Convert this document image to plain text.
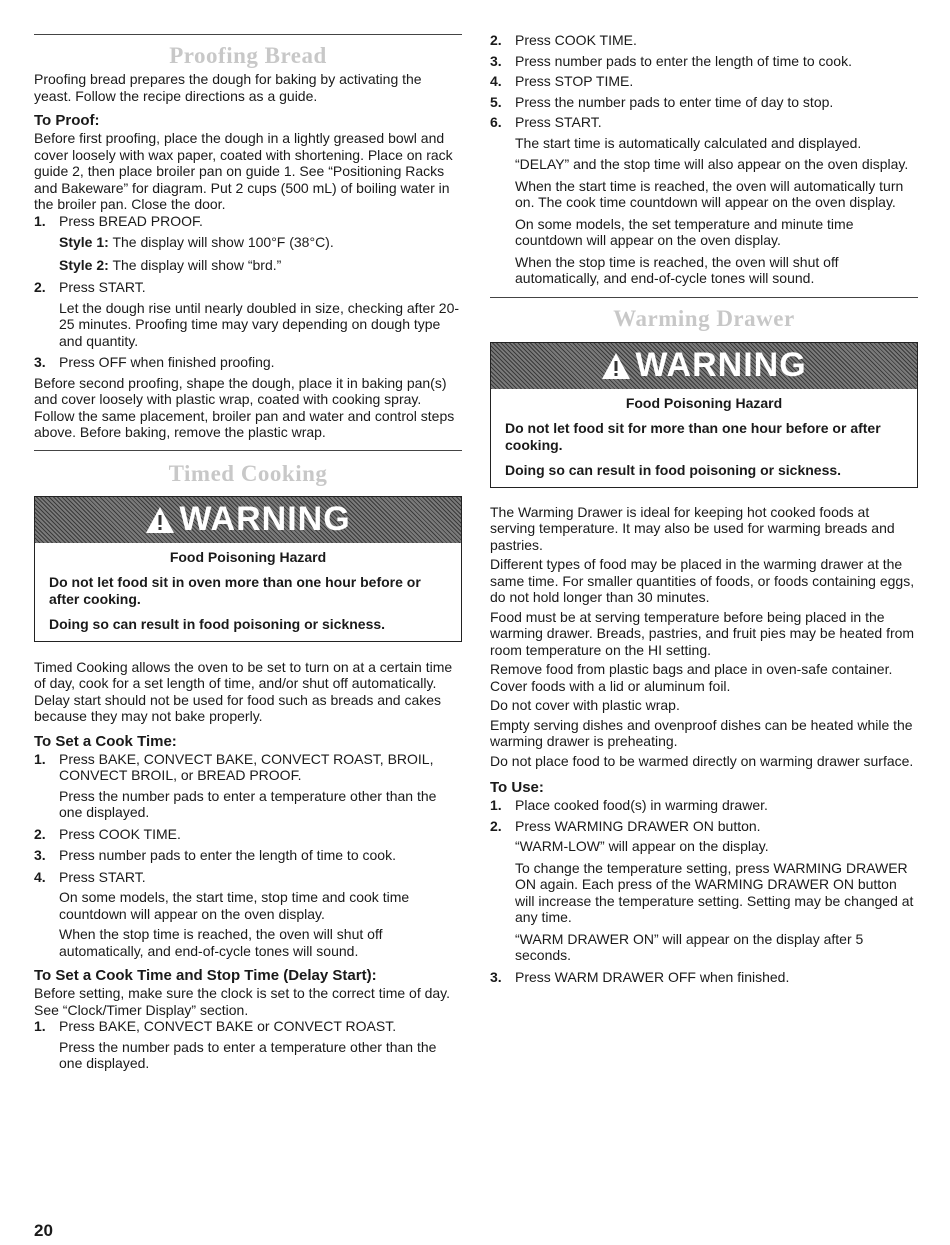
Proofing Bread

Proofing bread prepares the dough for baking by activating the yeast. Follow the recipe directions as a guide.

To Proof:

Before first proofing, place the dough in a lightly greased bowl and cover loosely with wax paper, coated with shortening. Place on rack guide 2, then place broiler pan on guide 1. See “Positioning Racks and Bakeware” for diagram. Put 2 cups (500 mL) of boiling water in the broiler pan. Close the door.

1. Press BREAD PROOF.

Style 1: The display will show 100°F (38°C).

Style 2: The display will show “brd.”

2. Press START.

Let the dough rise until nearly doubled in size, checking after 20-25 minutes. Proofing time may vary depending on dough type and quantity.

3. Press OFF when finished proofing.

Before second proofing, shape the dough, place it in baking pan(s) and cover loosely with plastic wrap, coated with cooking spray. Follow the same placement, broiler pan and water and control steps above. Before baking, remove the plastic wrap.

Timed Cooking
WARNING

Food Poisoning Hazard

Do not let food sit in oven more than one hour before or after cooking.

Doing so can result in food poisoning or sickness.

Timed Cooking allows the oven to be set to turn on at a certain time of day, cook for a set length of time, and/or shut off automatically. Delay start should not be used for food such as breads and cakes because they may not bake properly.

To Set a Cook Time:

1. Press BAKE, CONVECT BAKE, CONVECT ROAST, BROIL, CONVECT BROIL, or BREAD PROOF.

Press the number pads to enter a temperature other than the one displayed.

2. Press COOK TIME.
3. Press number pads to enter the length of time to cook.
4. Press START.

On some models, the start time, stop time and cook time countdown will appear on the oven display.

When the stop time is reached, the oven will shut off automatically, and end-of-cycle tones will sound.

To Set a Cook Time and Stop Time (Delay Start):

Before setting, make sure the clock is set to the correct time of day. See “Clock/Timer Display” section.

1. Press BAKE, CONVECT BAKE or CONVECT ROAST.

Press the number pads to enter a temperature other than the one displayed.

2. Press COOK TIME.
3. Press number pads to enter the length of time to cook.
4. Press STOP TIME.
5. Press the number pads to enter time of day to stop.
6. Press START.

The start time is automatically calculated and displayed.

“DELAY” and the stop time will also appear on the oven display.

When the start time is reached, the oven will automatically turn on. The cook time countdown will appear on the oven display.

On some models, the set temperature and minute time countdown will appear on the oven display.

When the stop time is reached, the oven will shut off automatically, and end-of-cycle tones will sound.

Warming Drawer
WARNING

Food Poisoning Hazard

Do not let food sit for more than one hour before or after cooking.

Doing so can result in food poisoning or sickness.

The Warming Drawer is ideal for keeping hot cooked foods at serving temperature. It may also be used for warming breads and pastries.

Different types of food may be placed in the warming drawer at the same time. For smaller quantities of foods, or foods containing eggs, do not hold longer than 30 minutes.

Food must be at serving temperature before being placed in the warming drawer. Breads, pastries, and fruit pies may be heated from room temperature on the HI setting.

Remove food from plastic bags and place in oven-safe container. Cover foods with a lid or aluminum foil.

Do not cover with plastic wrap.

Empty serving dishes and ovenproof dishes can be heated while the warming drawer is preheating.

Do not place food to be warmed directly on warming drawer surface.

To Use:

1. Place cooked food(s) in warming drawer.
2. Press WARMING DRAWER ON button.

“WARM-LOW” will appear on the display.

To change the temperature setting, press WARMING DRAWER ON again. Each press of the WARMING DRAWER ON button will increase the temperature setting. Setting may be changed at any time.

“WARM DRAWER ON” will appear on the display after 5 seconds.

3. Press WARM DRAWER OFF when finished.
20
